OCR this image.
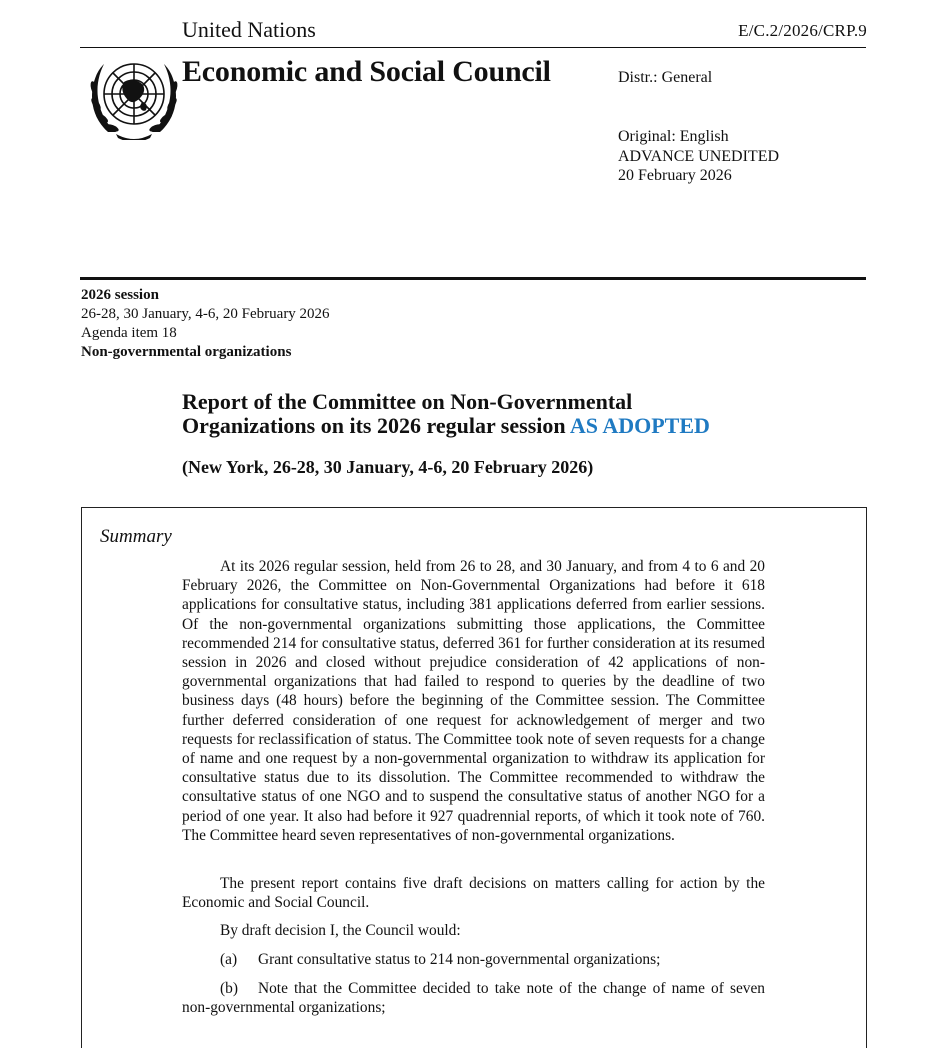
United Nations	E/C.2/2026/CRP.9
Economic and Social Council	Distr.: General
Original: English
ADVANCE UNEDITED
20 February 2026
2026 session
26-28, 30 January, 4-6, 20 February 2026
Agenda item 18
Non-governmental organizations
Report of the Committee on Non-Governmental
Organizations on its 2026 regular session AS ADOPTED
(New York, 26-28, 30 January, 4-6, 20 February 2026)
Summary
At its 2026 regular session, held from 26 to 28, and 30 January, and from 4 to 6 and 20 February 2026, the Committee on Non-Governmental Organizations had before it 618 applications for consultative status, including 381 applications deferred from earlier sessions. Of the non-governmental organizations submitting those applications, the Committee recommended 214 for consultative status, deferred 361 for further consideration at its resumed session in 2026 and closed without prejudice consideration of 42 applications of non-governmental organizations that had failed to respond to queries by the deadline of two business days (48 hours) before the beginning of the Committee session. The Committee further deferred consideration of one request for acknowledgement of merger and two requests for reclassification of status. The Committee took note of seven requests for a change of name and one request by a non-governmental organization to withdraw its application for consultative status due to its dissolution. The Committee recommended to withdraw the consultative status of one NGO and to suspend the consultative status of another NGO for a period of one year. It also had before it 927 quadrennial reports, of which it took note of 760. The Committee heard seven representatives of non-governmental organizations.
The present report contains five draft decisions on matters calling for action by the Economic and Social Council.
By draft decision I, the Council would:
(a) Grant consultative status to 214 non-governmental organizations;
(b) Note that the Committee decided to take note of the change of name of seven non-governmental organizations;
